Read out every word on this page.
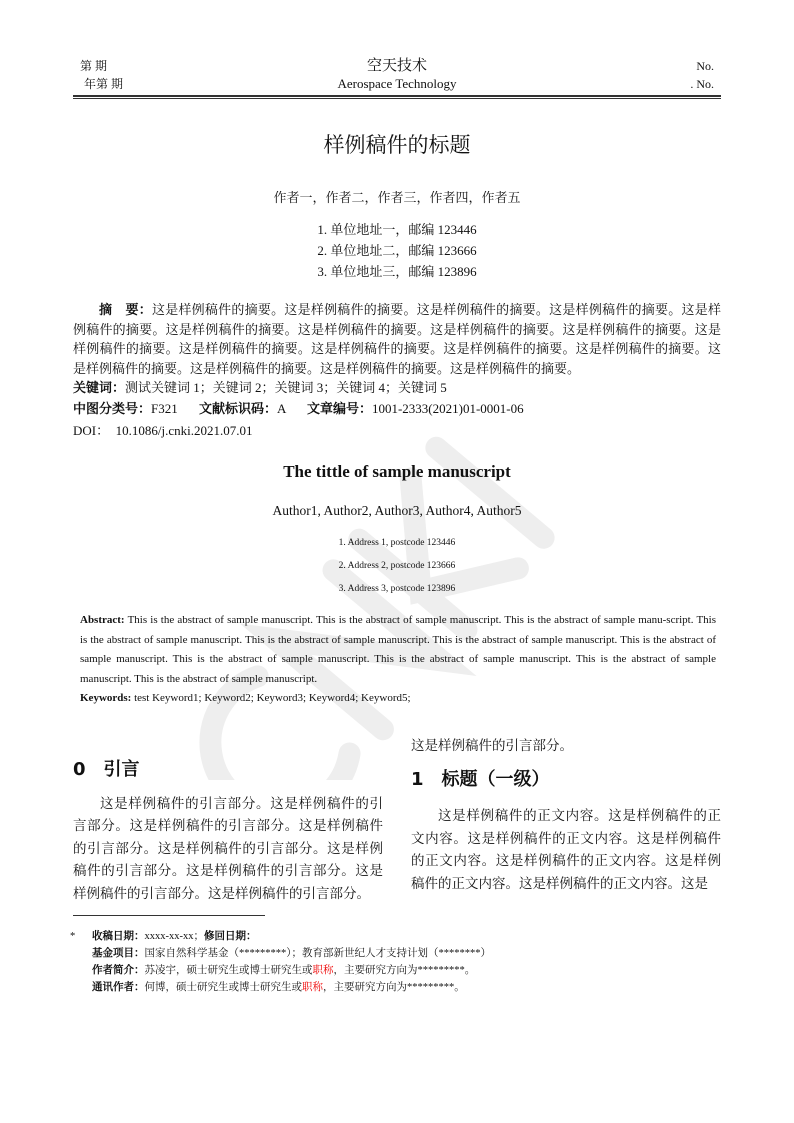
第 期	空天技术	No.
年第 期	Aerospace Technology	. No.
样例稿件的标题
作者一，作者二，作者三，作者四，作者五
1. 单位地址一，邮编 123446
2. 单位地址二，邮编 123666
3. 单位地址三，邮编 123896
摘　要：这是样例稿件的摘要。这是样例稿件的摘要。这是样例稿件的摘要。这是样例稿件的摘要。这是样例稿件的摘要。这是样例稿件的摘要。这是样例稿件的摘要。这是样例稿件的摘要。这是样例稿件的摘要。这是样例稿件的摘要。这是样例稿件的摘要。这是样例稿件的摘要。这是样例稿件的摘要。这是样例稿件的摘要。这是样例稿件的摘要。这是样例稿件的摘要。这是样例稿件的摘要。这是样例稿件的摘要。
关键词：测试关键词 1；关键词 2；关键词 3；关键词 4；关键词 5
中图分类号：F321 文献标识码：A 文章编号：1001-2333(2021)01-0001-06
DOI： 10.1086/j.cnki.2021.07.01
The tittle of sample manuscript
Author1, Author2, Author3, Author4, Author5
1. Address 1, postcode 123446
2. Address 2, postcode 123666
3. Address 3, postcode 123896
Abstract: This is the abstract of sample manuscript. This is the abstract of sample manuscript. This is the abstract of sample manu-script. This is the abstract of sample manuscript. This is the abstract of sample manuscript. This is the abstract of sample manuscript. This is the abstract of sample manuscript. This is the abstract of sample manuscript. This is the abstract of sample manuscript. This is the abstract of sample manuscript. This is the abstract of sample manuscript.
Keywords: test Keyword1; Keyword2; Keyword3; Keyword4; Keyword5;
0　引言

这是样例稿件的引言部分。这是样例稿件的引言部分。这是样例稿件的引言部分。这是样例稿件的引言部分。这是样例稿件的引言部分。这是样例稿件的引言部分。这是样例稿件的引言部分。这是样例稿件的引言部分。这是样例稿件的引言部分。

这是样例稿件的引言部分。

1　标题（一级）

这是样例稿件的正文内容。这是样例稿件的正文内容。这是样例稿件的正文内容。这是样例稿件的正文内容。这是样例稿件的正文内容。这是样例稿件的正文内容。这是样例稿件的正文内容。这是

* 收稿日期：xxxx-xx-xx；修回日期：
基金项目：国家自然科学基金（*********）；教育部新世纪人才支持计划（********）
作者简介：苏凌宇，硕士研究生或博士研究生或职称，主要研究方向为*********。
通讯作者：何博，硕士研究生或博士研究生或职称，主要研究方向为*********。
